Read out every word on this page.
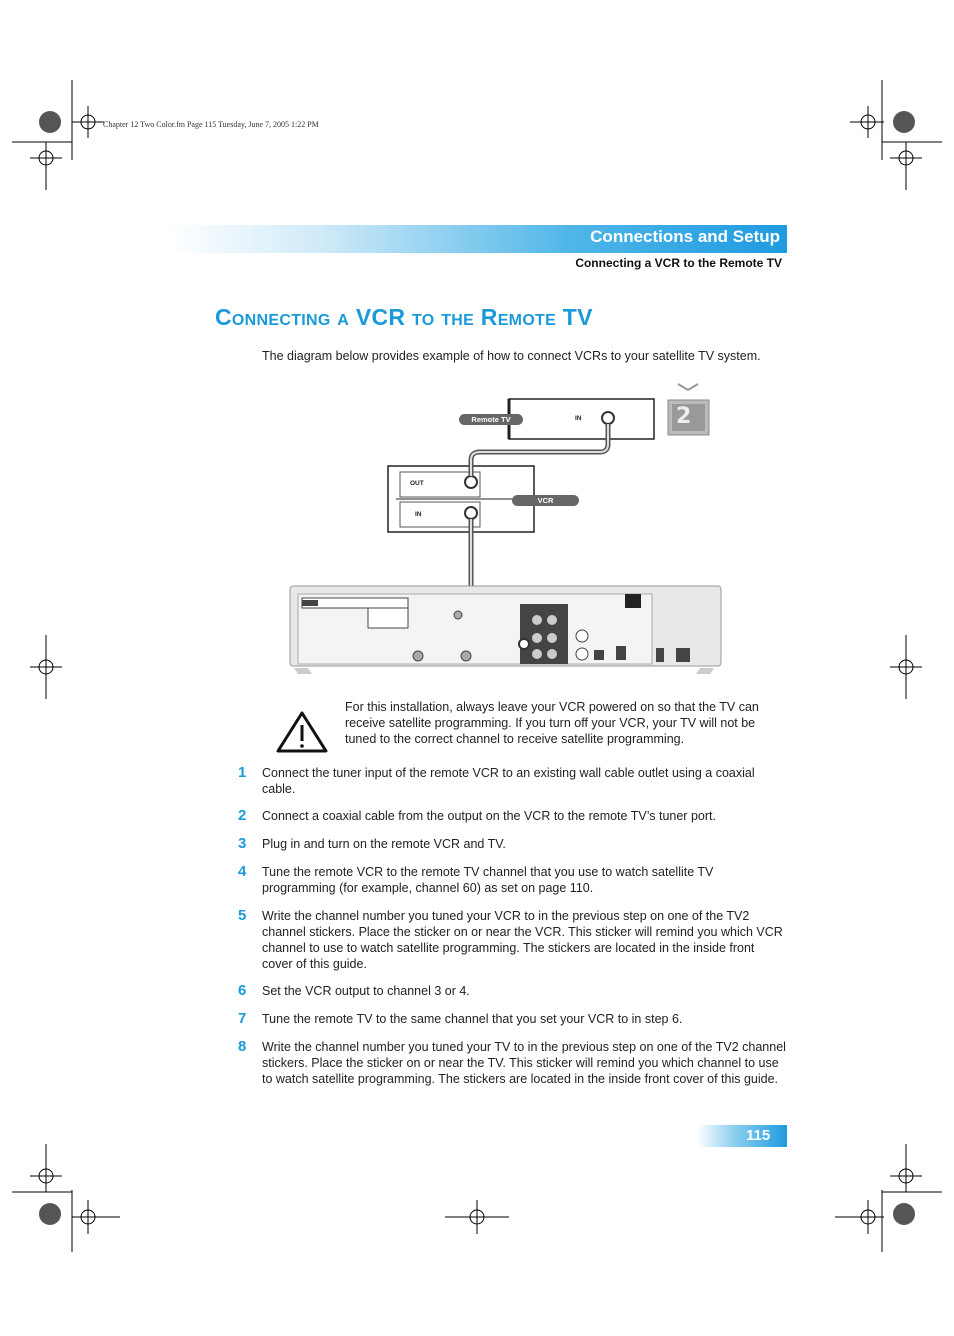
Chapter 12 Two Color.fm Page 115 Tuesday, June 7, 2005 1:22 PM
Connections and Setup
Connecting a VCR to the Remote TV
Connecting a VCR to the Remote TV
The diagram below provides example of how to connect VCRs to your satellite TV system.
Remote TV	IN
OUT
IN
VCR
2
For this installation, always leave your VCR powered on so that the TV can receive satellite programming. If you turn off your VCR, your TV will not be tuned to the correct channel to receive satellite programming.
1 Connect the tuner input of the remote VCR to an existing wall cable outlet using a coaxial cable.
2 Connect a coaxial cable from the output on the VCR to the remote TV’s tuner port.
3 Plug in and turn on the remote VCR and TV.
4 Tune the remote VCR to the remote TV channel that you use to watch satellite TV programming (for example, channel 60) as set on page 110.
5 Write the channel number you tuned your VCR to in the previous step on one of the TV2 channel stickers. Place the sticker on or near the VCR. This sticker will remind you which VCR channel to use to watch satellite programming. The stickers are located in the inside front cover of this guide.
6 Set the VCR output to channel 3 or 4.
7 Tune the remote TV to the same channel that you set your VCR to in step 6.
8 Write the channel number you tuned your TV to in the previous step on one of the TV2 channel stickers. Place the sticker on or near the TV. This sticker will remind you which channel to use to watch satellite programming. The stickers are located in the inside front cover of this guide.
115
